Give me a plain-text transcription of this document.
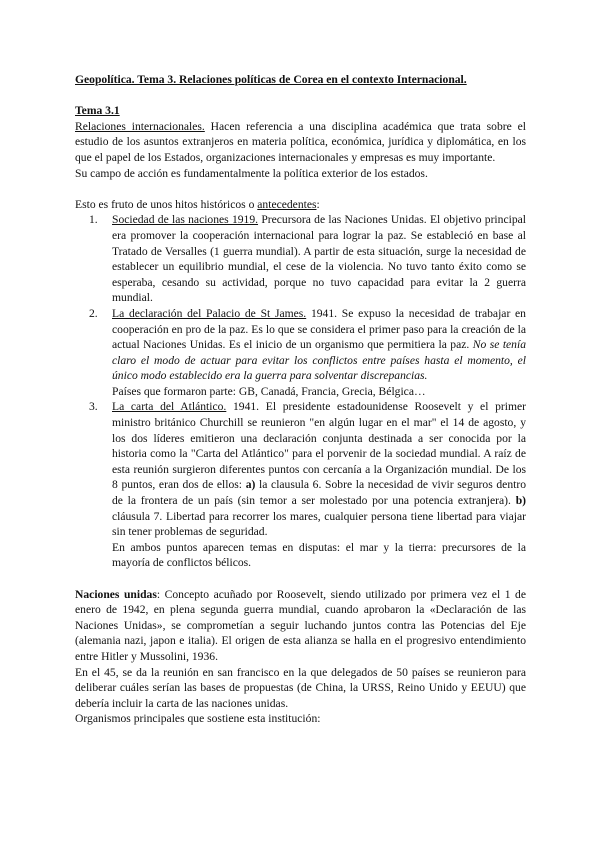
Geopolítica. Tema 3. Relaciones políticas de Corea en el contexto Internacional.

Tema 3.1

Relaciones internacionales. Hacen referencia a una disciplina académica que trata sobre el estudio de los asuntos extranjeros en materia política, económica, jurídica y diplomática, en los que el papel de los Estados, organizaciones internacionales y empresas es muy importante.

Su campo de acción es fundamentalmente la política exterior de los estados.

Esto es fruto de unos hitos históricos o antecedentes:

1. Sociedad de las naciones 1919. Precursora de las Naciones Unidas. El objetivo principal era promover la cooperación internacional para lograr la paz. Se estableció en base al Tratado de Versalles (1 guerra mundial). A partir de esta situación, surge la necesidad de establecer un equilibrio mundial, el cese de la violencia. No tuvo tanto éxito como se esperaba, cesando su actividad, porque no tuvo capacidad para evitar la 2 guerra mundial.
2. La declaración del Palacio de St James. 1941. Se expuso la necesidad de trabajar en cooperación en pro de la paz. Es lo que se considera el primer paso para la creación de la actual Naciones Unidas. Es el inicio de un organismo que permitiera la paz. No se tenía claro el modo de actuar para evitar los conflictos entre países hasta el momento, el único modo establecido era la guerra para solventar discrepancias.
Países que formaron parte: GB, Canadá, Francia, Grecia, Bélgica…
3. La carta del Atlántico. 1941. El presidente estadounidense Roosevelt y el primer ministro británico Churchill se reunieron "en algún lugar en el mar" el 14 de agosto, y los dos líderes emitieron una declaración conjunta destinada a ser conocida por la historia como la "Carta del Atlántico" para el porvenir de la sociedad mundial. A raíz de esta reunión surgieron diferentes puntos con cercanía a la Organización mundial. De los 8 puntos, eran dos de ellos: a) la clausula 6. Sobre la necesidad de vivir seguros dentro de la frontera de un país (sin temor a ser molestado por una potencia extranjera). b) cláusula 7. Libertad para recorrer los mares, cualquier persona tiene libertad para viajar sin tener problemas de seguridad.
En ambos puntos aparecen temas en disputas: el mar y la tierra: precursores de la mayoría de conflictos bélicos.

Naciones unidas: Concepto acuñado por Roosevelt, siendo utilizado por primera vez el 1 de enero de 1942, en plena segunda guerra mundial, cuando aprobaron la «Declaración de las Naciones Unidas», se comprometían a seguir luchando juntos contra las Potencias del Eje (alemania nazi, japon e italia). El origen de esta alianza se halla en el progresivo entendimiento entre Hitler y Mussolini, 1936.

En el 45, se da la reunión en san francisco en la que delegados de 50 países se reunieron para deliberar cuáles serían las bases de propuestas (de China, la URSS, Reino Unido y EEUU) que debería incluir la carta de las naciones unidas.

Organismos principales que sostiene esta institución:
